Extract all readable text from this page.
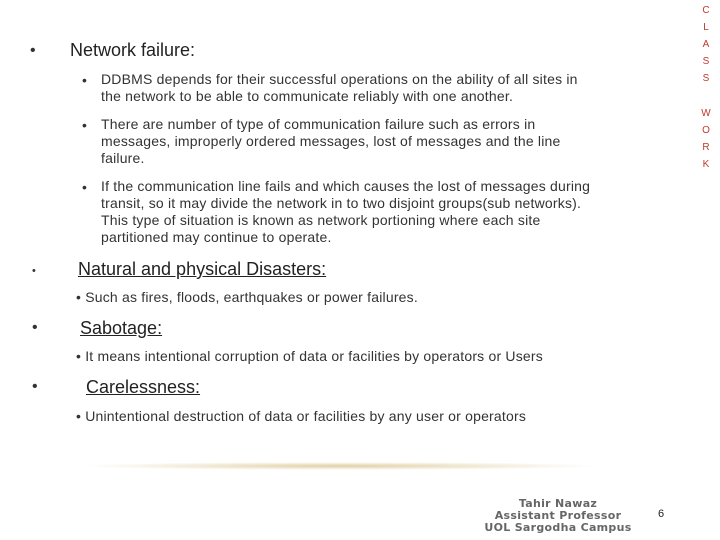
C
L
A
S
S
W
O
R
K
• Network failure:
• DDBMS depends for their successful operations on the ability of all sites in
the network to be able to communicate reliably with one another.
• There are number of type of communication failure such as errors in
messages, improperly ordered messages, lost of messages and the line
failure.
• If the communication line fails and which causes the lost of messages during
transit, so it may divide the network in to two disjoint groups(sub networks).
This type of situation is known as network portioning where each site
partitioned may continue to operate.
• Natural and physical Disasters:
• Such as fires, floods, earthquakes or power failures.
• Sabotage:
• It means intentional corruption of data or facilities by operators or Users
•	Carelessness:
• Unintentional destruction of data or facilities by any user or operators
Tahir Nawaz
Assistant Professor
UOL Sargodha Campus
6
